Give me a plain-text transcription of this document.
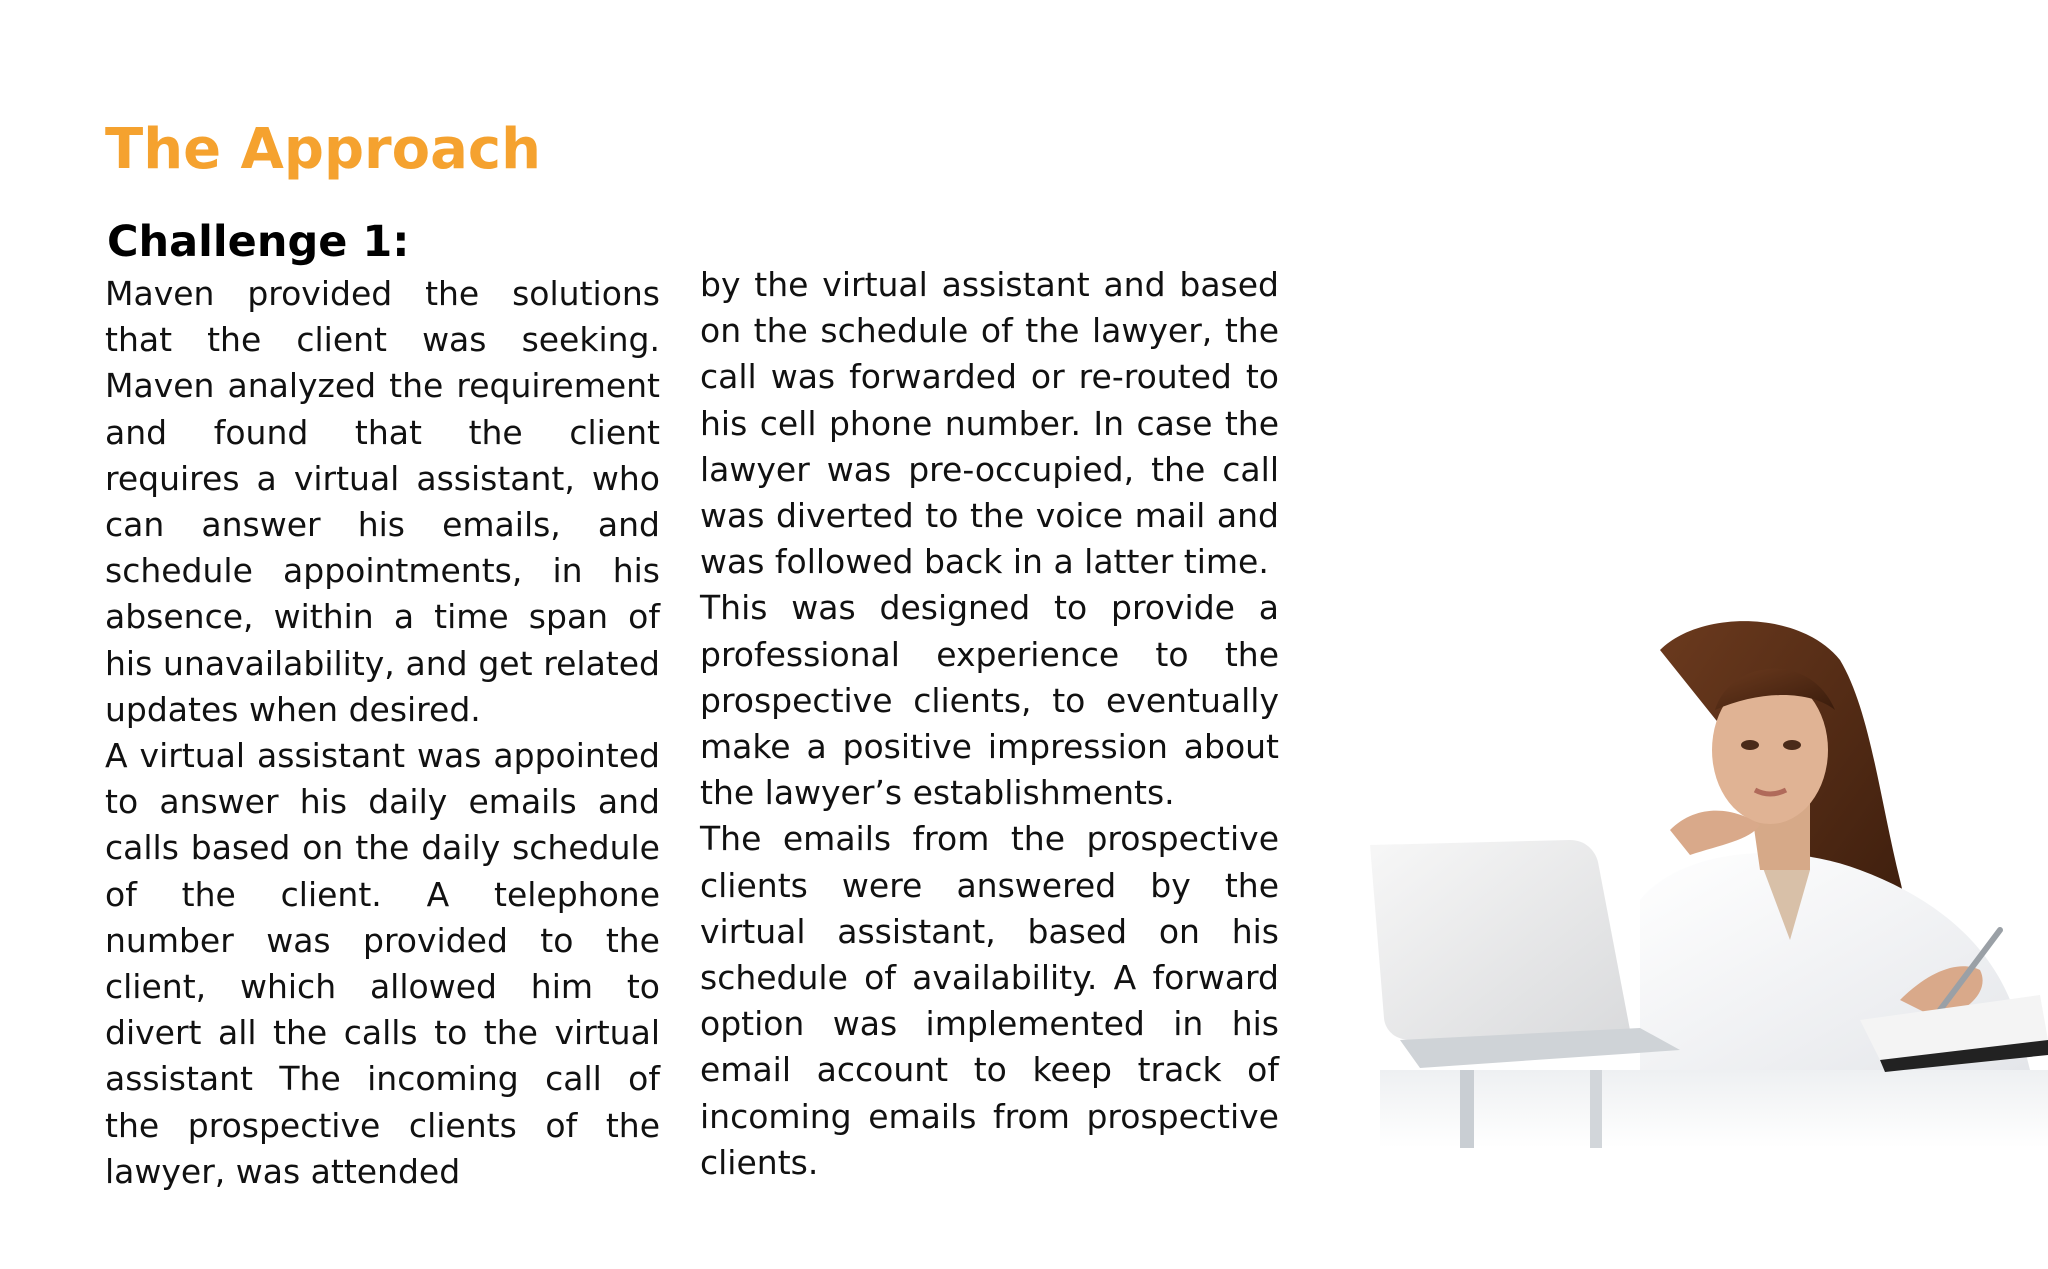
The Approach
Challenge 1:

Maven provided the solutions that the client was seeking. Maven analyzed the requirement and found that the client requires a virtual assistant, who can answer his emails, and schedule appointments, in his absence, within a time span of his unavailability, and get related updates when desired.

A virtual assistant was appointed to answer his daily emails and calls based on the daily schedule of the client. A telephone number was provided to the client, which allowed him to divert all the calls to the virtual assistant The incoming call of the prospective clients of the lawyer, was attended

by the virtual assistant and based on the schedule of the lawyer, the call was forwarded or re-routed to his cell phone number. In case the lawyer was pre-occupied, the call was diverted to the voice mail and was followed back in a latter time.

This was designed to provide a professional experience to the prospective clients, to eventually make a positive impression about the lawyer’s establishments.

The emails from the prospective clients were answered by the virtual assistant, based on his schedule of availability. A forward option was implemented in his email account to keep track of incoming emails from prospective clients.
